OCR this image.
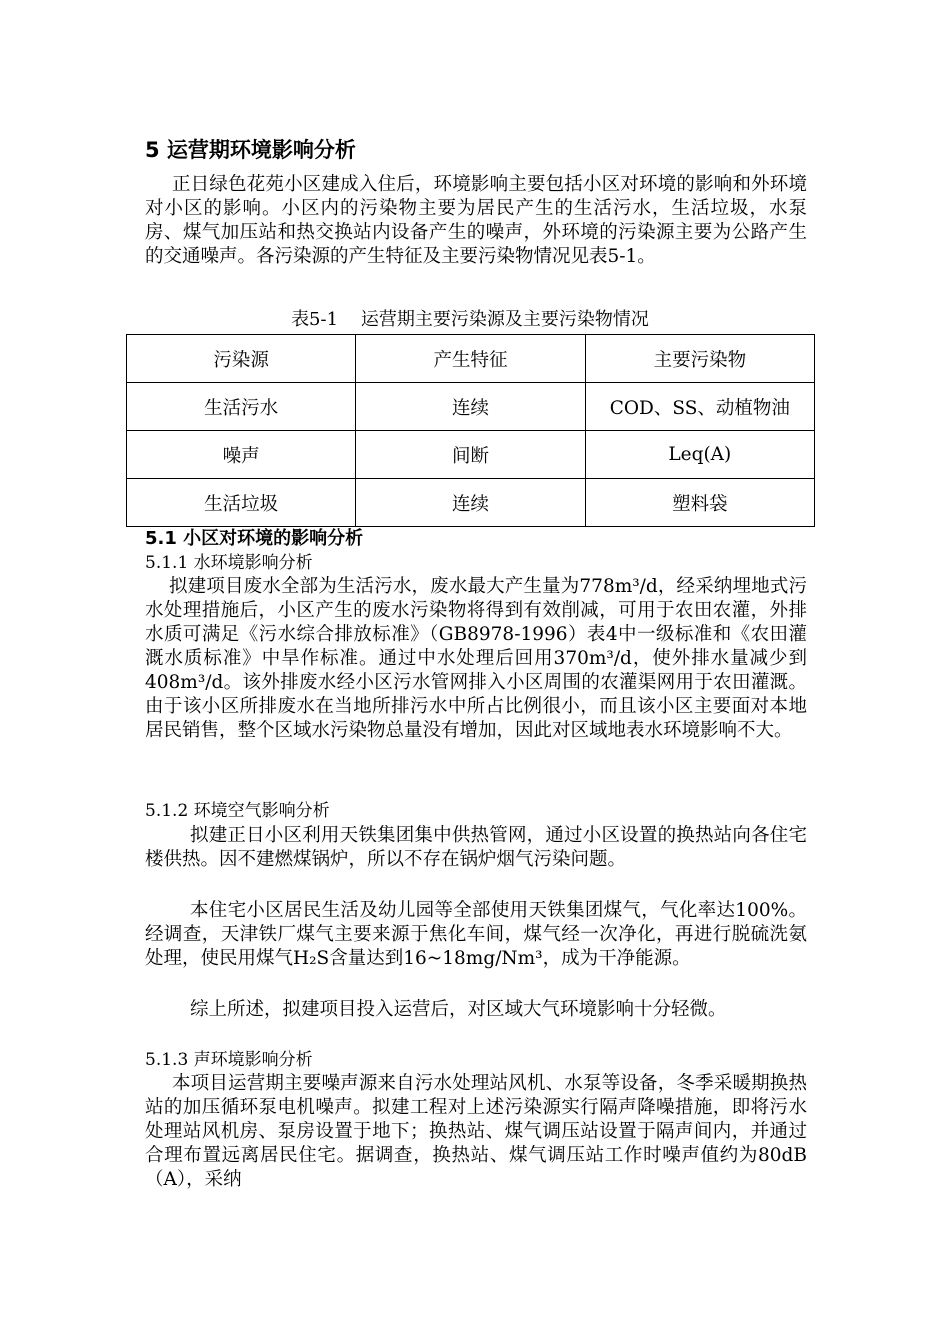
5 运营期环境影响分析
正日绿色花苑小区建成入住后，环境影响主要包括小区对环境的影响和外环境对小区的影响。小区内的污染物主要为居民产生的生活污水，生活垃圾，水泵房、煤气加压站和热交换站内设备产生的噪声，外环境的污染源主要为公路产生的交通噪声。各污染源的产生特征及主要污染物情况见表5-1。
表5-1    运营期主要污染源及主要污染物情况
污染源	产生特征	主要污染物
生活污水	连续	COD、SS、动植物油
噪声	间断	Leq(A)
生活垃圾	连续	塑料袋
5.1 小区对环境的影响分析
5.1.1 水环境影响分析
拟建项目废水全部为生活污水，废水最大产生量为778m³/d，经采纳埋地式污水处理措施后，小区产生的废水污染物将得到有效削减，可用于农田农灌，外排水质可满足《污水综合排放标准》（GB8978-1996）表4中一级标准和《农田灌溉水质标准》中旱作标准。通过中水处理后回用370m³/d，使外排水量减少到408m³/d。该外排废水经小区污水管网排入小区周围的农灌渠网用于农田灌溉。由于该小区所排废水在当地所排污水中所占比例很小，而且该小区主要面对本地居民销售，整个区域水污染物总量没有增加，因此对区域地表水环境影响不大。
5.1.2 环境空气影响分析
拟建正日小区利用天铁集团集中供热管网，通过小区设置的换热站向各住宅楼供热。因不建燃煤锅炉，所以不存在锅炉烟气污染问题。
本住宅小区居民生活及幼儿园等全部使用天铁集团煤气，气化率达100%。经调查，天津铁厂煤气主要来源于焦化车间，煤气经一次净化，再进行脱硫洗氨处理，使民用煤气H₂S含量达到16~18mg/Nm³，成为干净能源。
综上所述，拟建项目投入运营后，对区域大气环境影响十分轻微。
5.1.3 声环境影响分析
本项目运营期主要噪声源来自污水处理站风机、水泵等设备，冬季采暖期换热站的加压循环泵电机噪声。拟建工程对上述污染源实行隔声降噪措施，即将污水处理站风机房、泵房设置于地下；换热站、煤气调压站设置于隔声间内，并通过合理布置远离居民住宅。据调查，换热站、煤气调压站工作时噪声值约为80dB（A），采纳
